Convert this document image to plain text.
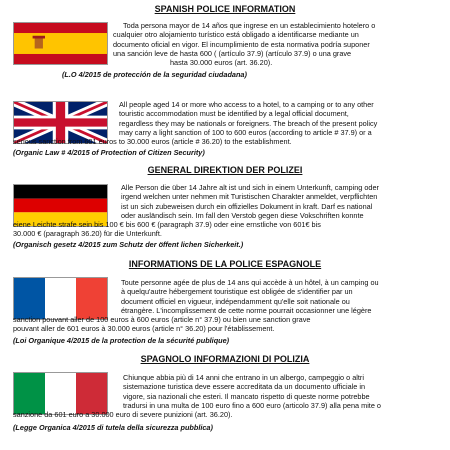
SPANISH POLICE INFORMATION
Toda persona mayor de 14 años que ingrese en un establecimiento hotelero o
cualquier otro alojamiento turístico está obligado a identificarse mediante un
documento oficial en vigor. El incumplimiento de esta normativa podría suponer
una sanción leve de hasta 600 ( (artículo 37.9) (artículo 37.9) o una grave
hasta 30.000 euros (art. 36.20).
(L.O 4/2015 de protección de la seguridad ciudadana)
All people aged 14 or more who access to a hotel, to a camping or to any other
touristic accommodation must be identified by a legal official document,
regardless they may be nationals or foreigners. The breach of the present policy
may carry a light sanction of 100 to 600 euros (according to article # 37.9) or a
serious sanction from 601 euros to 30.000 euros (article # 36.20) to the establishment.
(Organic Law # 4/2015 of Protection of Citizen Security)
GENERAL DIREKTION DER POLIZEI
Alle Person die über 14 Jahre alt ist und sich in einem Unterkunft, camping oder
irgend welchen unter nehmen mit Turistischen Charakter anmeldet, verpflichten
ist un sich zubeweisen durch ein offizielles Dokument in kraft. Darf es national
oder ausländisch sein. Im fall den Verstob gegen diese Vokschriften konnte
eiene Leichte strafe sein bis 100 € bis 600 € (paragraph 37.9) oder eine ernstliche von 601€ bis
30.000 € (paragraph 36.20) für die Unterkunft.
(Organisch gesetz 4/2015 zum Schutz der öffent lichen Sicherkeit.)
INFORMATIONS DE LA POLICE ESPAGNOLE
Toute personne agée de plus de 14 ans qui accède à un hôtel, à un camping ou
à quelqu'autre hébergement touristique est obligée de s'identifier par un
document officiel en vigueur, indépendamment qu'elle soit nationale ou
étrangère. L'incomplissement de cette norme pourrait occasionner une légère
sanction pouvant aller de 100 euros à 600 euros (article n° 37.9) ou bien une sanction grave
pouvant aller de 601 euros à 30.000 euros (article n° 36.20) pour l'établissement.
(Loi Organique 4/2015 de la protection de la sécurité publique)
SPAGNOLO INFORMAZIONI DI POLIZIA
Chiunque abbia più di 14 anni che entrano in un albergo, campeggio o altri
sistemazione turistica deve essere accreditata da un documento ufficiale in
vigore, sia nazionali che esteri. Il mancato rispetto di queste norme potrebbe
tradursi in una multa de 100 euro fino a 600 euro (articolo 37.9) alla pena mite o
sanzione da 601 euro a 30.000 euro di severe punizioni (art. 36.20).
(Legge Organica 4/2015 di tutela della sicurezza pubblica)
